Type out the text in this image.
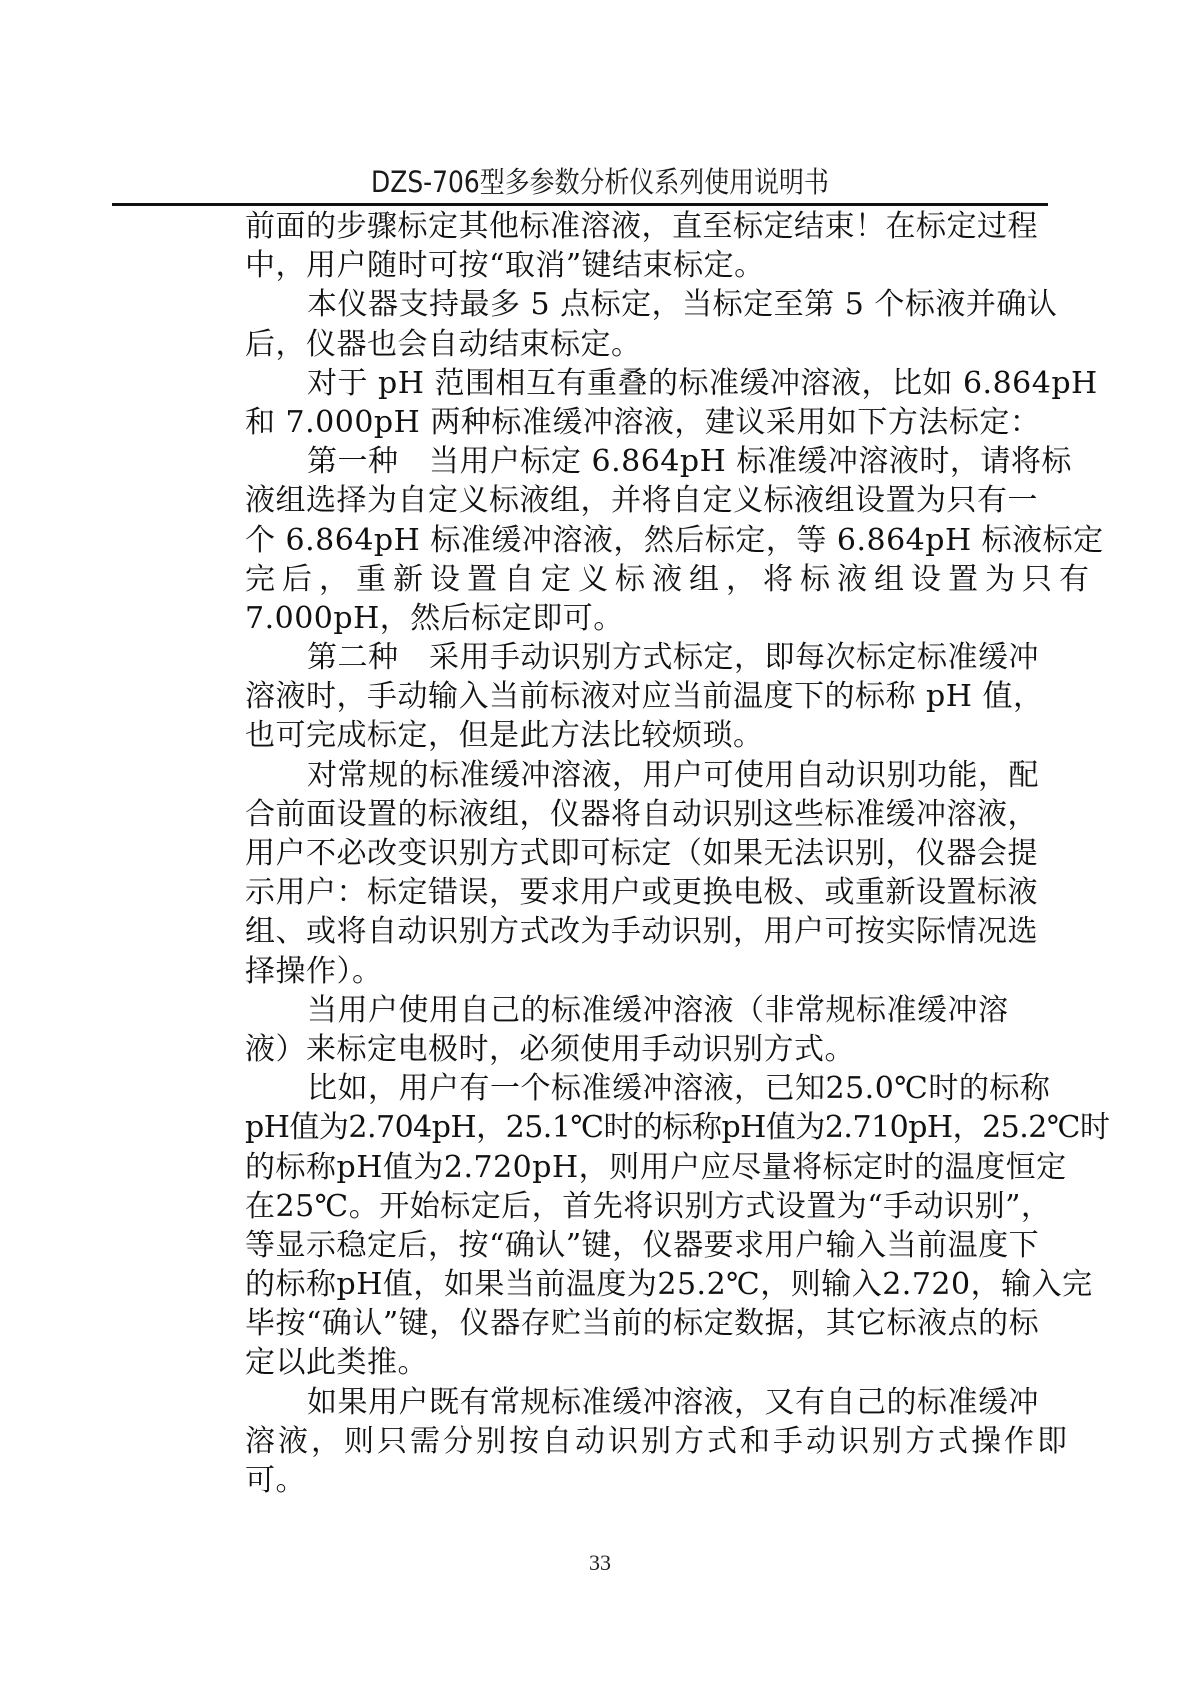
DZS-706型多参数分析仪系列使用说明书
前面的步骤标定其他标准溶液，直至标定结束！在标定过程
中，用户随时可按“取消”键结束标定。
本仪器支持最多 5 点标定，当标定至第 5 个标液并确认
后，仪器也会自动结束标定。
对于 pH 范围相互有重叠的标准缓冲溶液，比如 6.864pH
和 7.000pH 两种标准缓冲溶液，建议采用如下方法标定：
第一种　当用户标定 6.864pH 标准缓冲溶液时，请将标
液组选择为自定义标液组，并将自定义标液组设置为只有一
个 6.864pH 标准缓冲溶液，然后标定，等 6.864pH 标液标定
完后，重新设置自定义标液组，将标液组设置为只有
7.000pH，然后标定即可。
第二种　采用手动识别方式标定，即每次标定标准缓冲
溶液时，手动输入当前标液对应当前温度下的标称 pH 值，
也可完成标定，但是此方法比较烦琐。
对常规的标准缓冲溶液，用户可使用自动识别功能，配
合前面设置的标液组，仪器将自动识别这些标准缓冲溶液，
用户不必改变识别方式即可标定（如果无法识别，仪器会提
示用户：标定错误，要求用户或更换电极、或重新设置标液
组、或将自动识别方式改为手动识别，用户可按实际情况选
择操作）。
当用户使用自己的标准缓冲溶液（非常规标准缓冲溶
液）来标定电极时，必须使用手动识别方式。
比如，用户有一个标准缓冲溶液，已知25.0℃时的标称
pH值为2.704pH，25.1℃时的标称pH值为2.710pH，25.2℃时
的标称pH值为2.720pH，则用户应尽量将标定时的温度恒定
在25℃。开始标定后，首先将识别方式设置为“手动识别”，
等显示稳定后，按“确认”键，仪器要求用户输入当前温度下
的标称pH值，如果当前温度为25.2℃，则输入2.720，输入完
毕按“确认”键，仪器存贮当前的标定数据，其它标液点的标
定以此类推。
如果用户既有常规标准缓冲溶液，又有自己的标准缓冲
溶液，则只需分别按自动识别方式和手动识别方式操作即
可。
33
